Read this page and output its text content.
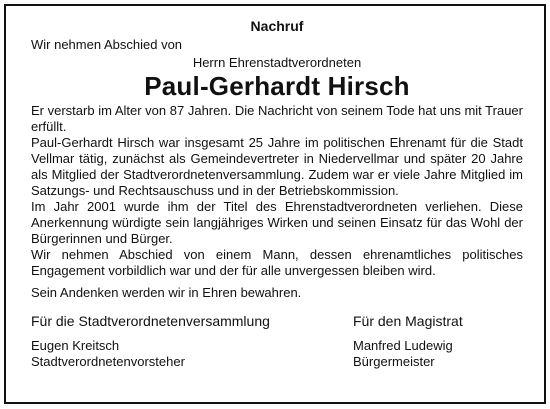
Nachruf

Wir nehmen Abschied von

Herrn Ehrenstadtverordneten

Paul-Gerhardt Hirsch

Er verstarb im Alter von 87 Jahren. Die Nachricht von seinem Tode hat uns mit Trauer erfüllt.

Paul-Gerhardt Hirsch war insgesamt 25 Jahre im politischen Ehrenamt für die Stadt Vellmar tätig, zunächst als Gemeindevertreter in Niedervellmar und später 20 Jahre als Mitglied der Stadtverordnetenversammlung. Zudem war er viele Jahre Mitglied im Satzungs- und Rechtsauschuss und in der Betriebskommission.

Im Jahr 2001 wurde ihm der Titel des Ehrenstadtverordneten verliehen. Diese Anerkennung würdigte sein langjähriges Wirken und seinen Einsatz für das Wohl der Bürgerinnen und Bürger.

Wir nehmen Abschied von einem Mann, dessen ehrenamtliches politisches Engagement vorbildlich war und der für alle unvergessen bleiben wird.

Sein Andenken werden wir in Ehren bewahren.

Für die Stadtverordnetenversammlung

Eugen Kreitsch

Stadtverordnetenvorsteher

Für den Magistrat

Manfred Ludewig

Bürgermeister
